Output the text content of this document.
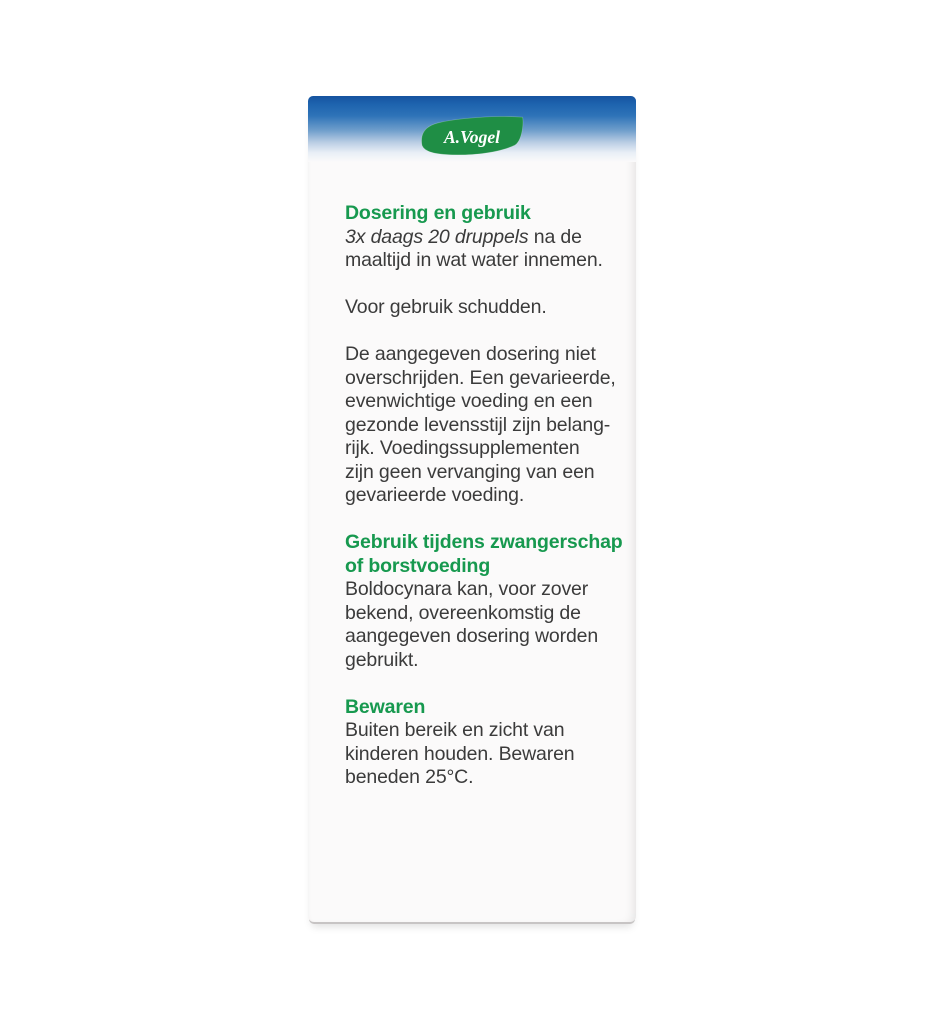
A.Vogel
Dosering en gebruik
3x daags 20 druppels na de
maaltijd in wat water innemen.
Voor gebruik schudden.
De aangegeven dosering niet
overschrijden. Een gevarieerde,
evenwichtige voeding en een
gezonde levensstijl zijn belang-
rijk. Voedingssupplementen
zijn geen vervanging van een
gevarieerde voeding.
Gebruik tijdens zwangerschap
of borstvoeding
Boldocynara kan, voor zover
bekend, overeenkomstig de
aangegeven dosering worden
gebruikt.
Bewaren
Buiten bereik en zicht van
kinderen houden. Bewaren
beneden 25°C.
